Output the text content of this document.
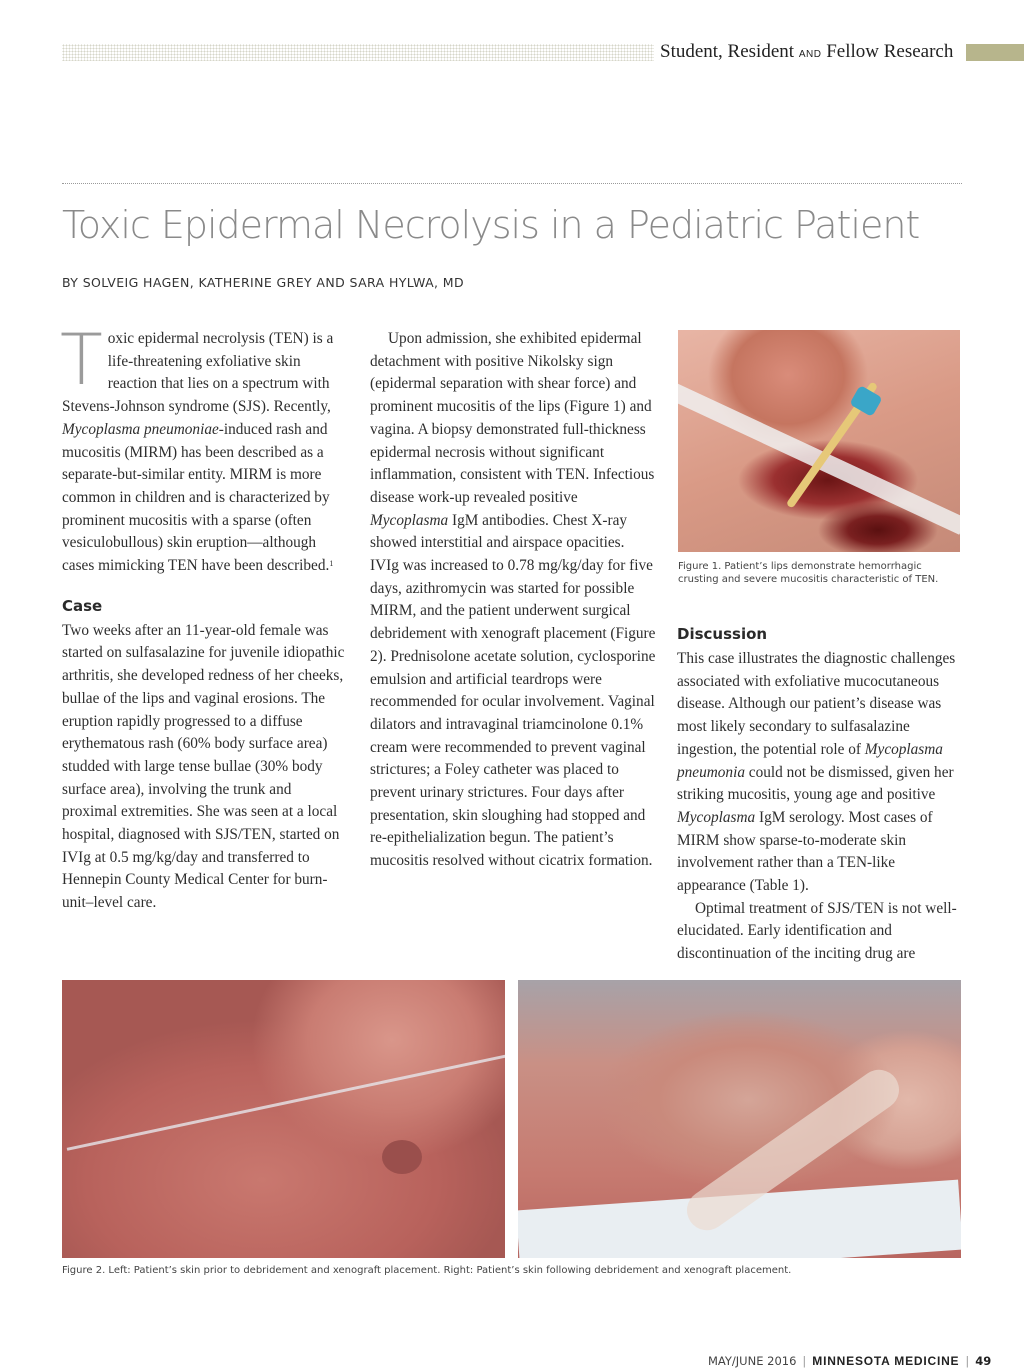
Student, Resident AND Fellow Research
Toxic Epidermal Necrolysis in a Pediatric Patient
BY SOLVEIG HAGEN, KATHERINE GREY AND SARA HYLWA, MD

Toxic epidermal necrolysis (TEN) is a life-threatening exfoliative skin reaction that lies on a spectrum with Stevens-Johnson syndrome (SJS). Recently, Mycoplasma pneumoniae-induced rash and mucositis (MIRM) has been described as a separate-but-similar entity. MIRM is more common in children and is characterized by prominent mucositis with a sparse (often vesiculobullous) skin eruption—although cases mimicking TEN have been described.$^1$

Case

Two weeks after an 11-year-old female was started on sulfasalazine for juvenile idiopathic arthritis, she developed redness of her cheeks, bullae of the lips and vaginal erosions. The eruption rapidly progressed to a diffuse erythematous rash (60% body surface area) studded with large tense bullae (30% body surface area), involving the trunk and proximal extremities. She was seen at a local hospital, diagnosed with SJS/TEN, started on IVIg at 0.5 mg/kg/day and transferred to Hennepin County Medical Center for burn-unit–level care.

Upon admission, she exhibited epidermal detachment with positive Nikolsky sign (epidermal separation with shear force) and prominent mucositis of the lips (Figure 1) and vagina. A biopsy demonstrated full-thickness epidermal necrosis without significant inflammation, consistent with TEN. Infectious disease work-up revealed positive Mycoplasma IgM antibodies. Chest X-ray showed interstitial and airspace opacities. IVIg was increased to 0.78 mg/kg/day for five days, azithromycin was started for possible MIRM, and the patient underwent surgical debridement with xenograft placement (Figure 2). Prednisolone acetate solution, cyclosporine emulsion and artificial teardrops were recommended for ocular involvement. Vaginal dilators and intravaginal triamcinolone 0.1% cream were recommended to prevent vaginal strictures; a Foley catheter was placed to prevent urinary strictures. Four days after presentation, skin sloughing had stopped and re-epithelialization begun. The patient’s mucositis resolved without cicatrix formation.

Figure 1. Patient’s lips demonstrate hemorrhagic crusting and severe mucositis characteristic of TEN.

Discussion

This case illustrates the diagnostic challenges associated with exfoliative mucocutaneous disease. Although our patient’s disease was most likely secondary to sulfasalazine ingestion, the potential role of Mycoplasma pneumonia could not be dismissed, given her striking mucositis, young age and positive Mycoplasma IgM serology. Most cases of MIRM show sparse-to-moderate skin involvement rather than a TEN-like appearance (Table 1).

Optimal treatment of SJS/TEN is not well-elucidated. Early identification and discontinuation of the inciting drug are

Figure 2. Left: Patient’s skin prior to debridement and xenograft placement. Right: Patient’s skin following debridement and xenograft placement.
MAY/JUNE 2016 | MINNESOTA MEDICINE | 49
